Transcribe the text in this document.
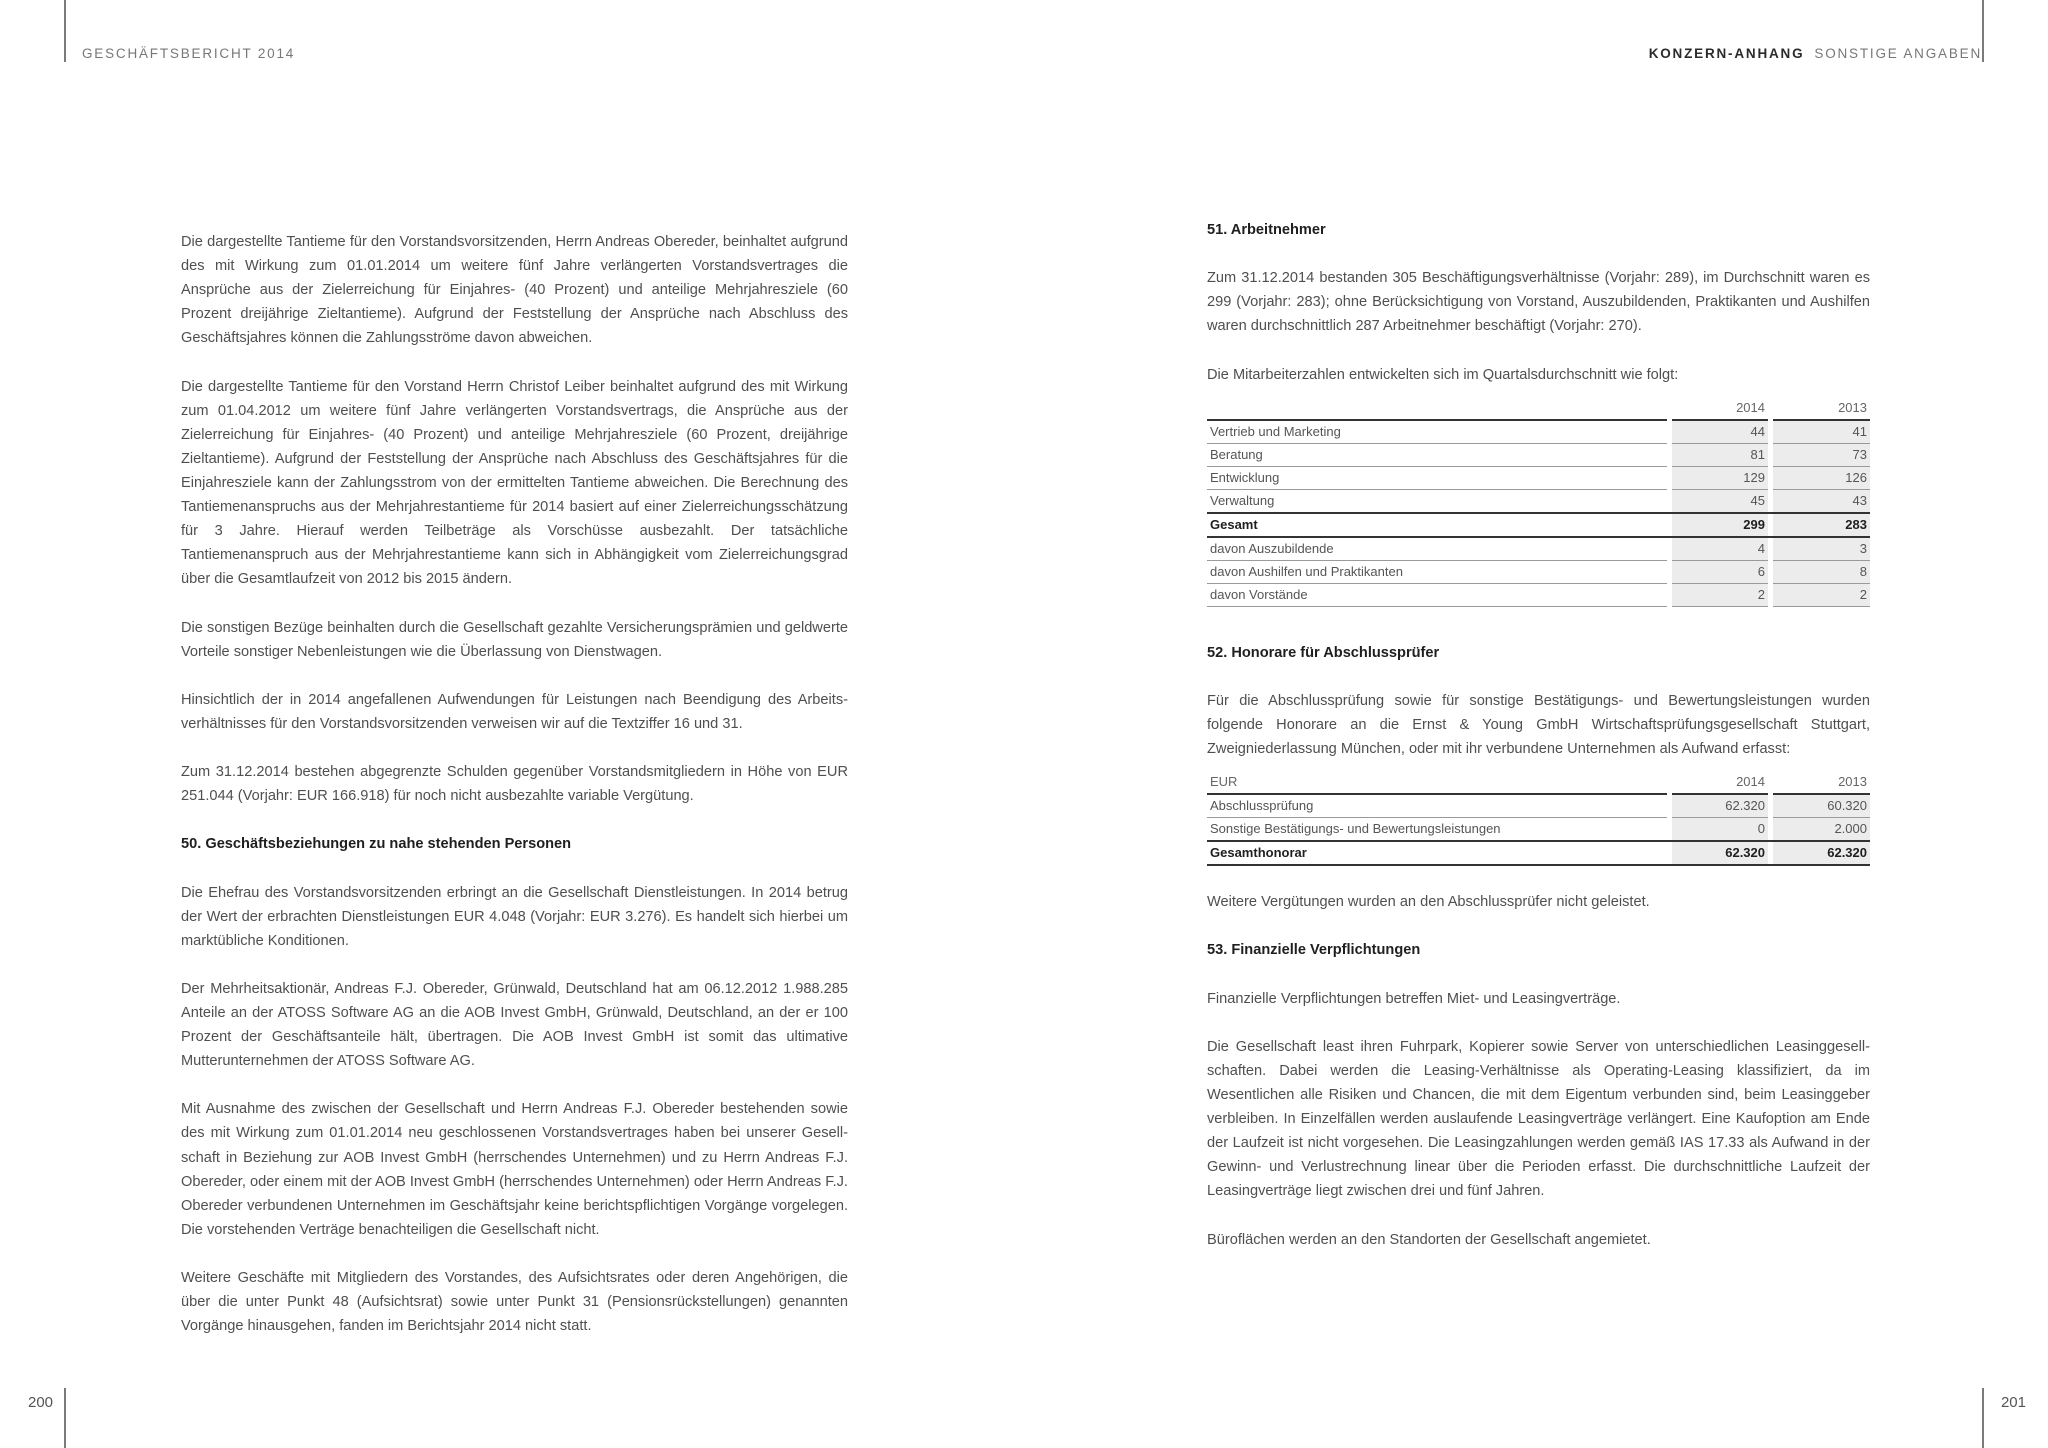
GESCHÄFTSBERICHT 2014	KONZERN-ANHANG SONSTIGE ANGABEN
200	201

Die dargestellte Tantieme für den Vorstandsvorsitzenden, Herrn Andreas Obereder, beinhaltet aufgrund des mit Wirkung zum 01.01.2014 um weitere fünf Jahre verlängerten Vorstandsvertrages die Ansprüche aus der Zielerreichung für Einjahres- (40 Prozent) und anteilige Mehrjahresziele (60 Prozent dreijährige Zieltantieme). Aufgrund der Feststellung der Ansprüche nach Abschluss des Geschäftsjahres können die Zahlungsströme davon abweichen.

Die dargestellte Tantieme für den Vorstand Herrn Christof Leiber beinhaltet aufgrund des mit Wirkung zum 01.04.2012 um weitere fünf Jahre verlängerten Vorstandsvertrags, die Ansprüche aus der Zielerreichung für Einjahres- (40 Prozent) und anteilige Mehrjahresziele (60 Prozent, dreijährige Zieltantieme). Aufgrund der Feststellung der Ansprüche nach Abschluss des Geschäftsjahres für die Einjahresziele kann der Zahlungsstrom von der ermittelten Tantieme abweichen. Die Berechnung des Tantiemenanspruchs aus der Mehrjahrestantieme für 2014 basiert auf einer Zielerreichungsschätzung für 3 Jahre. Hierauf werden Teilbeträge als Vorschüsse ausbezahlt. Der tatsächliche Tantiemenanspruch aus der Mehrjahrestantieme kann sich in Abhängigkeit vom Zielerreichungsgrad über die Gesamtlaufzeit von 2012 bis 2015 ändern.

Die sonstigen Bezüge beinhalten durch die Gesellschaft gezahlte Versicherungsprämien und geldwerte Vorteile sonstiger Nebenleistungen wie die Überlassung von Dienstwagen.

Hinsichtlich der in 2014 angefallenen Aufwendungen für Leistungen nach Beendigung des Arbeitsverhältnisses für den Vorstandsvorsitzenden verweisen wir auf die Textziffer 16 und 31.

Zum 31.12.2014 bestehen abgegrenzte Schulden gegenüber Vorstandsmitgliedern in Höhe von EUR 251.044 (Vorjahr: EUR 166.918) für noch nicht ausbezahlte variable Vergütung.

50. Geschäftsbeziehungen zu nahe stehenden Personen

Die Ehefrau des Vorstandsvorsitzenden erbringt an die Gesellschaft Dienstleistungen. In 2014 betrug der Wert der erbrachten Dienstleistungen EUR 4.048 (Vorjahr: EUR 3.276). Es handelt sich hierbei um marktübliche Konditionen.

Der Mehrheitsaktionär, Andreas F.J. Obereder, Grünwald, Deutschland hat am 06.12.2012 1.988.285 Anteile an der ATOSS Software AG an die AOB Invest GmbH, Grünwald, Deutschland, an der er 100 Prozent der Geschäftsanteile hält, übertragen. Die AOB Invest GmbH ist somit das ultimative Mutterunternehmen der ATOSS Software AG.

Mit Ausnahme des zwischen der Gesellschaft und Herrn Andreas F.J. Obereder bestehenden sowie des mit Wirkung zum 01.01.2014 neu geschlossenen Vorstandsvertrages haben bei unserer Gesellschaft in Beziehung zur AOB Invest GmbH (herrschendes Unternehmen) und zu Herrn Andreas F.J. Obereder, oder einem mit der AOB Invest GmbH (herrschendes Unternehmen) oder Herrn Andreas F.J. Obereder verbundenen Unternehmen im Geschäftsjahr keine berichtspflichtigen Vorgänge vorgelegen. Die vorstehenden Verträge benachteiligen die Gesellschaft nicht.

Weitere Geschäfte mit Mitgliedern des Vorstandes, des Aufsichtsrates oder deren Angehörigen, die über die unter Punkt 48 (Aufsichtsrat) sowie unter Punkt 31 (Pensionsrückstellungen) genannten Vorgänge hinausgehen, fanden im Berichtsjahr 2014 nicht statt.

51. Arbeitnehmer

Zum 31.12.2014 bestanden 305 Beschäftigungsverhältnisse (Vorjahr: 289), im Durchschnitt waren es 299 (Vorjahr: 283); ohne Berücksichtigung von Vorstand, Auszubildenden, Praktikanten und Aushilfen waren durchschnittlich 287 Arbeitnehmer beschäftigt (Vorjahr: 270).

Die Mitarbeiterzahlen entwickelten sich im Quartalsdurchschnitt wie folgt:

		2014		2013
Vertrieb und Marketing		44		41
Beratung		81		73
Entwicklung		129		126
Verwaltung		45		43
Gesamt		299		283
davon Auszubildende		4		3
davon Aushilfen und Praktikanten		6		8
davon Vorstände		2		2
52. Honorare für Abschlussprüfer

Für die Abschlussprüfung sowie für sonstige Bestätigungs- und Bewertungsleistungen wurden folgende Honorare an die Ernst & Young GmbH Wirtschaftsprüfungsgesellschaft Stuttgart, Zweigniederlassung München, oder mit ihr verbundene Unternehmen als Aufwand erfasst:

EUR		2014		2013
Abschlussprüfung		62.320		60.320
Sonstige Bestätigungs- und Bewertungsleistungen		0		2.000
Gesamthonorar		62.320		62.320

Weitere Vergütungen wurden an den Abschlussprüfer nicht geleistet.

53. Finanzielle Verpflichtungen

Finanzielle Verpflichtungen betreffen Miet- und Leasingverträge.

Die Gesellschaft least ihren Fuhrpark, Kopierer sowie Server von unterschiedlichen Leasinggesellschaften. Dabei werden die Leasing-Verhältnisse als Operating-Leasing klassifiziert, da im Wesentlichen alle Risiken und Chancen, die mit dem Eigentum verbunden sind, beim Leasinggeber verbleiben. In Einzelfällen werden auslaufende Leasingverträge verlängert. Eine Kaufoption am Ende der Laufzeit ist nicht vorgesehen. Die Leasingzahlungen werden gemäß IAS 17.33 als Aufwand in der Gewinn- und Verlustrechnung linear über die Perioden erfasst. Die durchschnittliche Laufzeit der Leasingverträge liegt zwischen drei und fünf Jahren.

Büroflächen werden an den Standorten der Gesellschaft angemietet.
